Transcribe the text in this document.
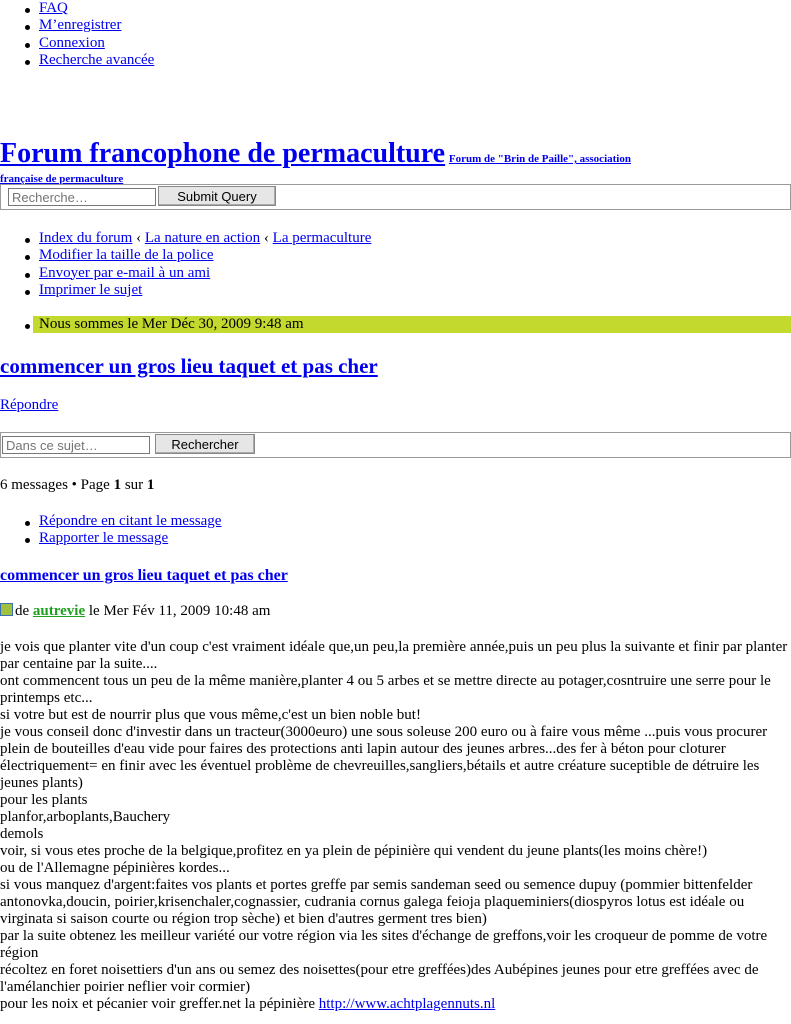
FAQ
M’enregistrer
Connexion
Recherche avancée
Forum francophone de permaculture Forum de "Brin de Paille", association
française de permaculture
Recherche…
Submit Query
Index du forum ‹ La nature en action ‹ La permaculture
Modifier la taille de la police
Envoyer par e-mail à un ami
Imprimer le sujet
Nous sommes le Mer Déc 30, 2009 9:48 am
commencer un gros lieu taquet et pas cher
Répondre
Dans ce sujet…
Rechercher
6 messages • Page 1 sur 1
Répondre en citant le message
Rapporter le message
commencer un gros lieu taquet et pas cher
de autrevie le Mer Fév 11, 2009 10:48 am

je vois que planter vite d'un coup c'est vraiment idéale que,un peu,la première année,puis un peu plus la suivante et finir par planter par centaine par la suite....

ont commencent tous un peu de la même manière,planter 4 ou 5 arbes et se mettre directe au potager,cosntruire une serre pour le printemps etc...

si votre but est de nourrir plus que vous même,c'est un bien noble but!

je vous conseil donc d'investir dans un tracteur(3000euro) une sous soleuse 200 euro ou à faire vous même ...puis vous procurer plein de bouteilles d'eau vide pour faires des protections anti lapin autour des jeunes arbres...des fer à béton pour cloturer électriquement= en finir avec les éventuel problème de chevreuilles,sangliers,bétails et autre créature suceptible de détruire les jeunes plants)

pour les plants

planfor,arboplants,Bauchery

demols

voir, si vous etes proche de la belgique,profitez en ya plein de pépinière qui vendent du jeune plants(les moins chère!)

ou de l'Allemagne pépinières kordes...

si vous manquez d'argent:faites vos plants et portes greffe par semis sandeman seed ou semence dupuy (pommier bittenfelder antonovka,doucin, poirier,krisenchaler,cognassier, cudrania cornus galega feioja plaqueminiers(diospyros lotus est idéale ou virginata si saison courte ou région trop sèche) et bien d'autres germent tres bien)

par la suite obtenez les meilleur variété our votre région via les sites d'échange de greffons,voir les croqueur de pomme de votre région

récoltez en foret noisettiers d'un ans ou semez des noisettes(pour etre greffées)des Aubépines jeunes pour etre greffées avec de l'amélanchier poirier neflier voir cormier)

pour les noix et pécanier voir greffer.net la pépinière http://www.achtplagennuts.nl
